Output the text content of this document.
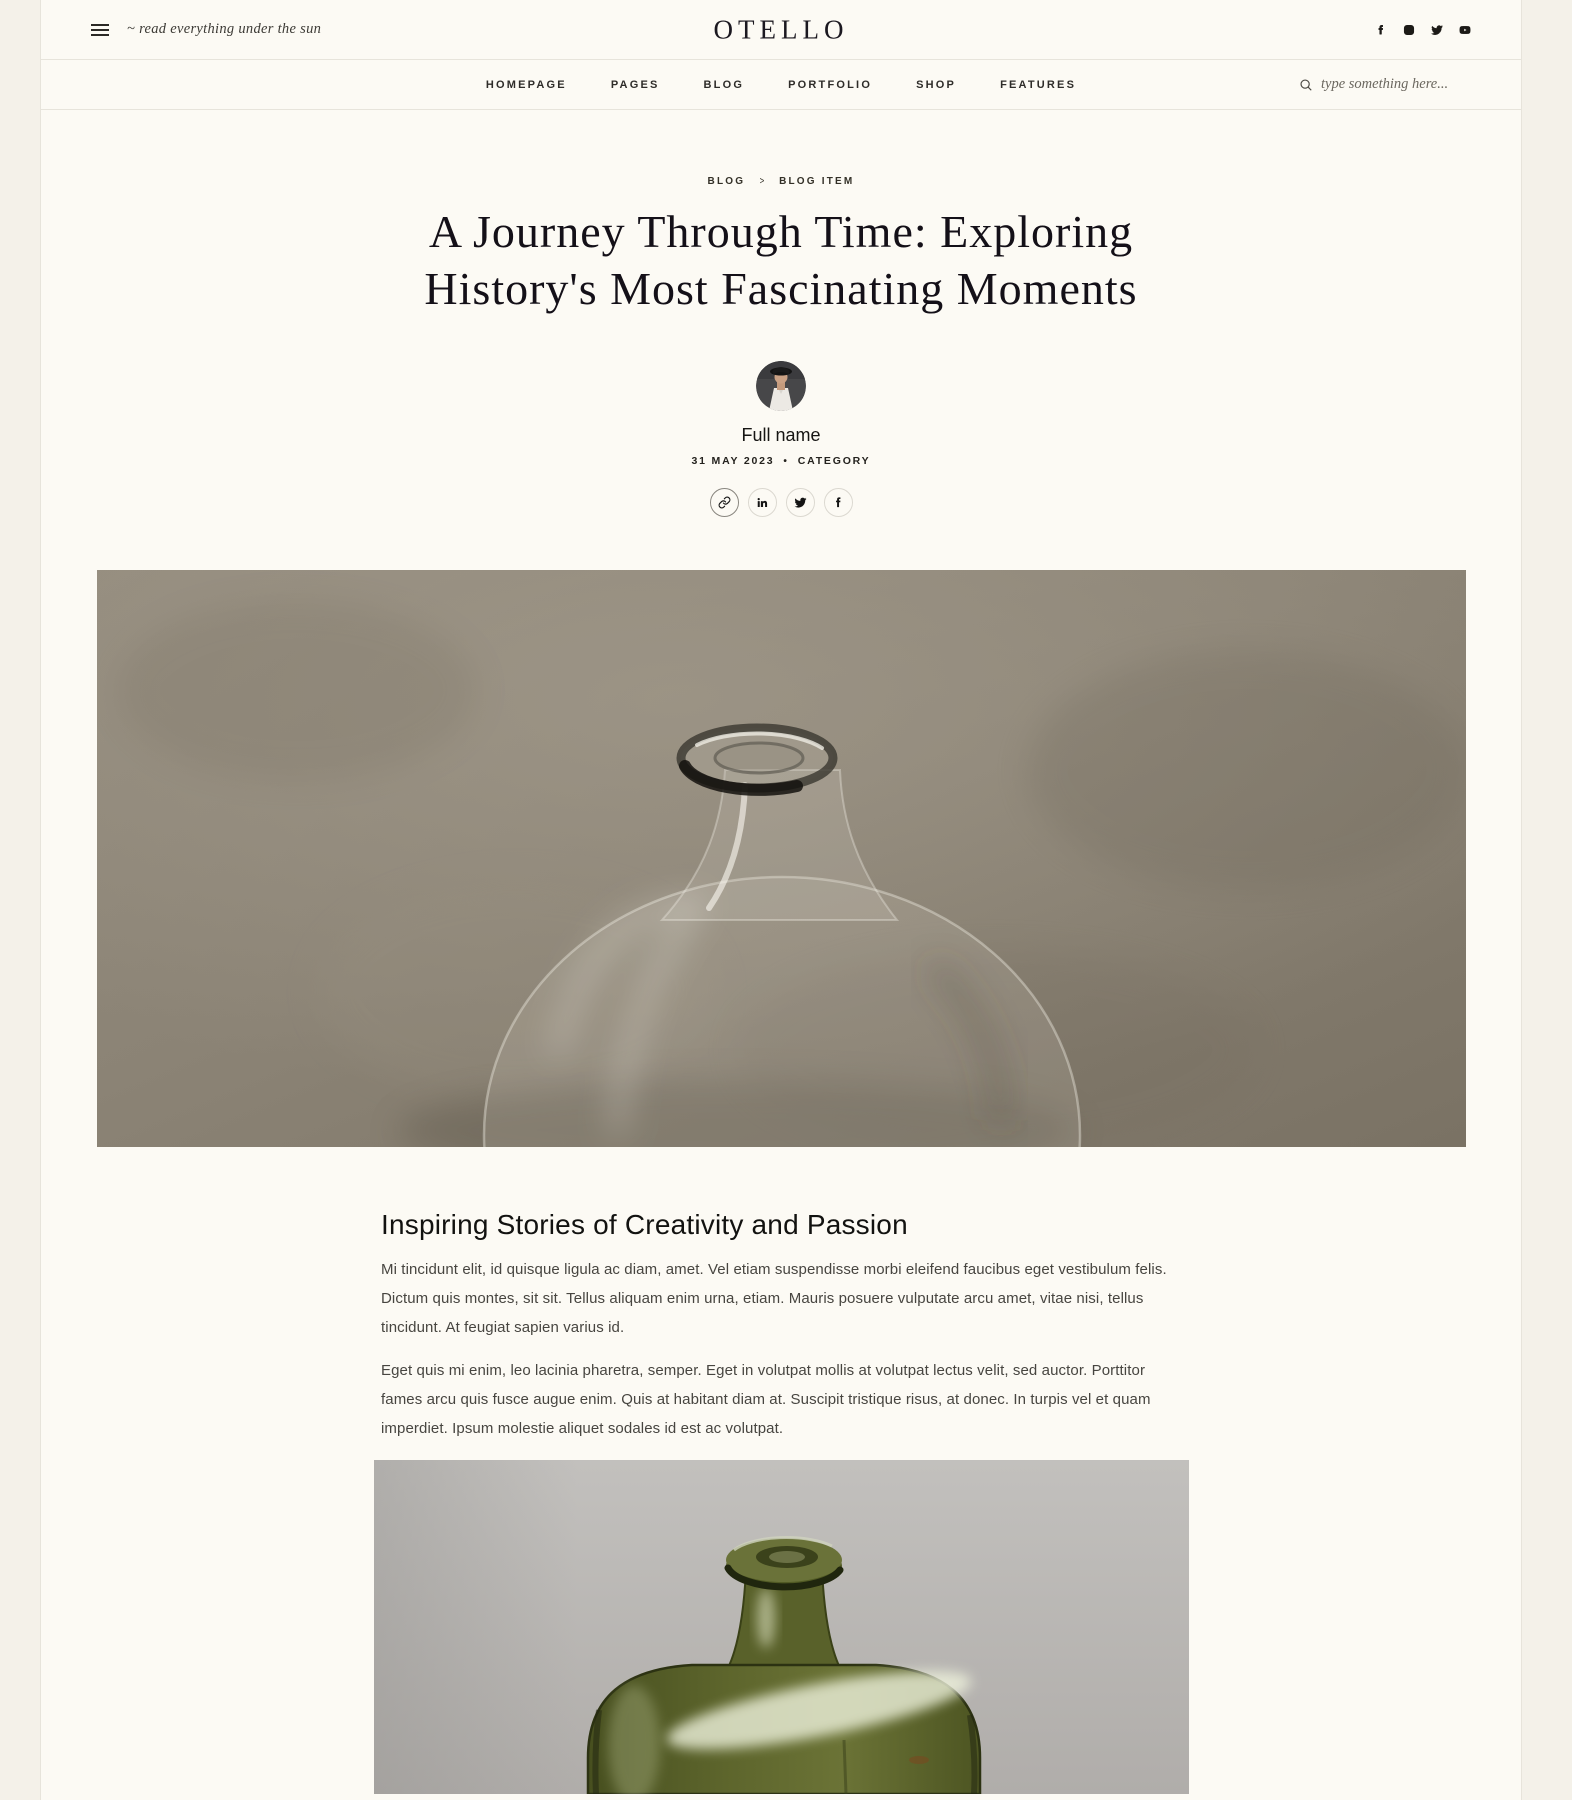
~ read everything under the sun	OTELLO
HOMEPAGE	PAGES	BLOG	PORTFOLIO	SHOP	FEATURES
type something here...
BLOG > BLOG ITEM
A Journey Through Time: Exploring
History's Most Fascinating Moments
Full name
31 MAY 2023 • CATEGORY
Inspiring Stories of Creativity and Passion

Mi tincidunt elit, id quisque ligula ac diam, amet. Vel etiam suspendisse morbi eleifend faucibus eget vestibulum felis. Dictum quis montes, sit sit. Tellus aliquam enim urna, etiam. Mauris posuere vulputate arcu amet, vitae nisi, tellus tincidunt. At feugiat sapien varius id.

Eget quis mi enim, leo lacinia pharetra, semper. Eget in volutpat mollis at volutpat lectus velit, sed auctor. Porttitor fames arcu quis fusce augue enim. Quis at habitant diam at. Suscipit tristique risus, at donec. In turpis vel et quam imperdiet. Ipsum molestie aliquet sodales id est ac volutpat.
